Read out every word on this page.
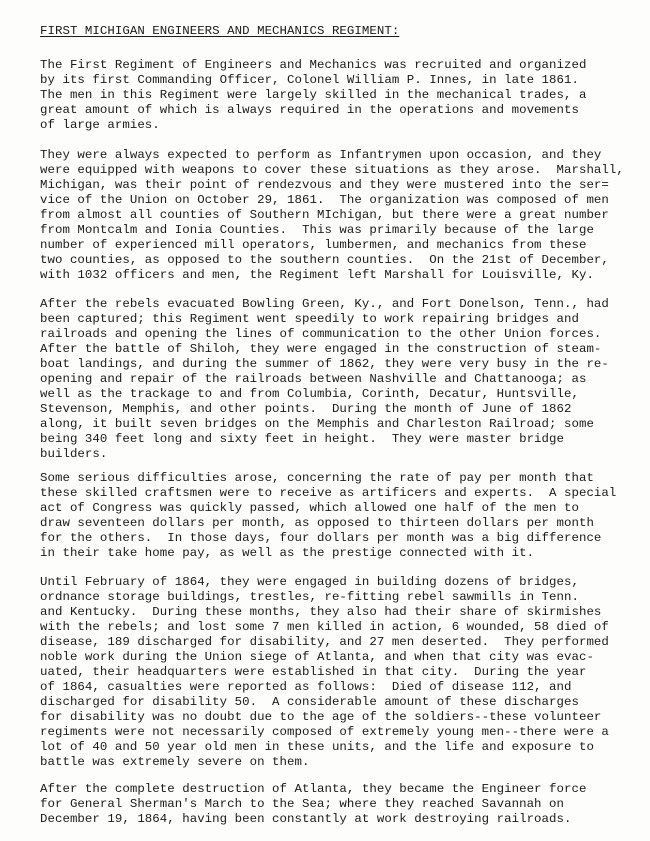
FIRST MICHIGAN ENGINEERS AND MECHANICS REGIMENT:
The First Regiment of Engineers and Mechanics was recruited and organized
by its first Commanding Officer, Colonel William P. Innes, in late 1861.
The men in this Regiment were largely skilled in the mechanical trades, a
great amount of which is always required in the operations and movements
of large armies.
They were always expected to perform as Infantrymen upon occasion, and they
were equipped with weapons to cover these situations as they arose.  Marshall,
Michigan, was their point of rendezvous and they were mustered into the ser=
vice of the Union on October 29, 1861.  The organization was composed of men
from almost all counties of Southern MIchigan, but there were a great number
from Montcalm and Ionia Counties.  This was primarily because of the large
number of experienced mill operators, lumbermen, and mechanics from these
two counties, as opposed to the southern counties.  On the 21st of December,
with 1032 officers and men, the Regiment left Marshall for Louisville, Ky.
After the rebels evacuated Bowling Green, Ky., and Fort Donelson, Tenn., had
been captured; this Regiment went speedily to work repairing bridges and
railroads and opening the lines of communication to the other Union forces.
After the battle of Shiloh, they were engaged in the construction of steam-
boat landings, and during the summer of 1862, they were very busy in the re-
opening and repair of the railroads between Nashville and Chattanooga; as
well as the trackage to and from Columbia, Corinth, Decatur, Huntsville,
Stevenson, Memphis, and other points.  During the month of June of 1862
along, it built seven bridges on the Memphis and Charleston Railroad; some
being 340 feet long and sixty feet in height.  They were master bridge
builders.
Some serious difficulties arose, concerning the rate of pay per month that
these skilled craftsmen were to receive as artificers and experts.  A special
act of Congress was quickly passed, which allowed one half of the men to
draw seventeen dollars per month, as opposed to thirteen dollars per month
for the others.  In those days, four dollars per month was a big difference
in their take home pay, as well as the prestige connected with it.
Until February of 1864, they were engaged in building dozens of bridges,
ordnance storage buildings, trestles, re-fitting rebel sawmills in Tenn.
and Kentucky.  During these months, they also had their share of skirmishes
with the rebels; and lost some 7 men killed in action, 6 wounded, 58 died of
disease, 189 discharged for disability, and 27 men deserted.  They performed
noble work during the Union siege of Atlanta, and when that city was evac-
uated, their headquarters were established in that city.  During the year
of 1864, casualties were reported as follows:  Died of disease 112, and
discharged for disability 50.  A considerable amount of these discharges
for disability was no doubt due to the age of the soldiers--these volunteer
regiments were not necessarily composed of extremely young men--there were a
lot of 40 and 50 year old men in these units, and the life and exposure to
battle was extremely severe on them.
After the complete destruction of Atlanta, they became the Engineer force
for General Sherman's March to the Sea; where they reached Savannah on
December 19, 1864, having been constantly at work destroying railroads.
